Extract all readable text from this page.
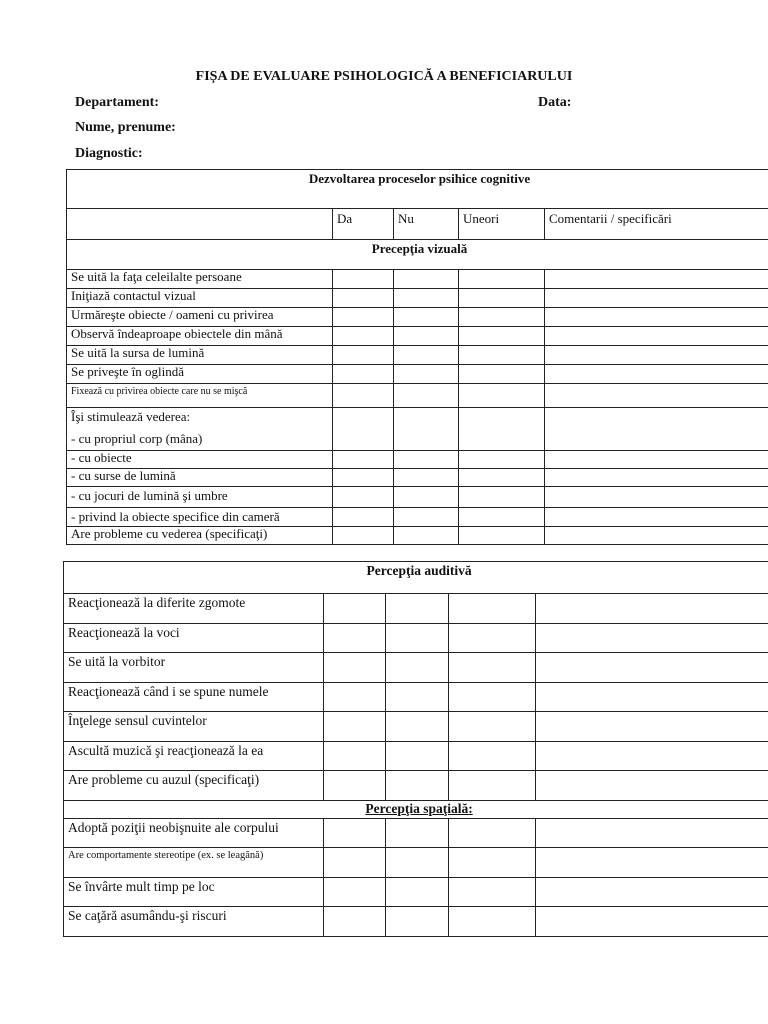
FIȘA DE EVALUARE PSIHOLOGICĂ A BENEFICIARULUI
Departament:	Data:
Nume, prenume:
Diagnostic:
Dezvoltarea proceselor psihice cognitive				
	Da	Nu	Uneori	Comentarii / specificări
Precepţia vizuală				
Se uită la faţa celeilalte persoane				
Iniţiază contactul vizual				
Urmăreşte obiecte / oameni cu privirea				
Observă îndeaproape obiectele din mână				
Se uită la sursa de lumină				
Se priveşte în oglindă				
Fixează cu privirea obiecte care nu se mişcă				

Îşi stimulează vederea:
- cu propriul corp (mâna)				

- cu obiecte				
- cu surse de lumină				
- cu jocuri de lumină şi umbre				
- privind la obiecte specifice din cameră				
Are probleme cu vederea (specificaţi)				
Percepţia auditivă				
Reacţionează la diferite zgomote				
Reacţionează la voci				
Se uită la vorbitor				
Reacţionează când i se spune numele				
Înţelege sensul cuvintelor				
Ascultă muzică şi reacţionează la ea				
Are probleme cu auzul (specificaţi)				
Percepţia spaţială:				
Adoptă poziţii neobişnuite ale corpului				
Are comportamente stereotipe (ex. se leagănă)				
Se învârte mult timp pe loc				
Se caţără asumându-şi riscuri				
